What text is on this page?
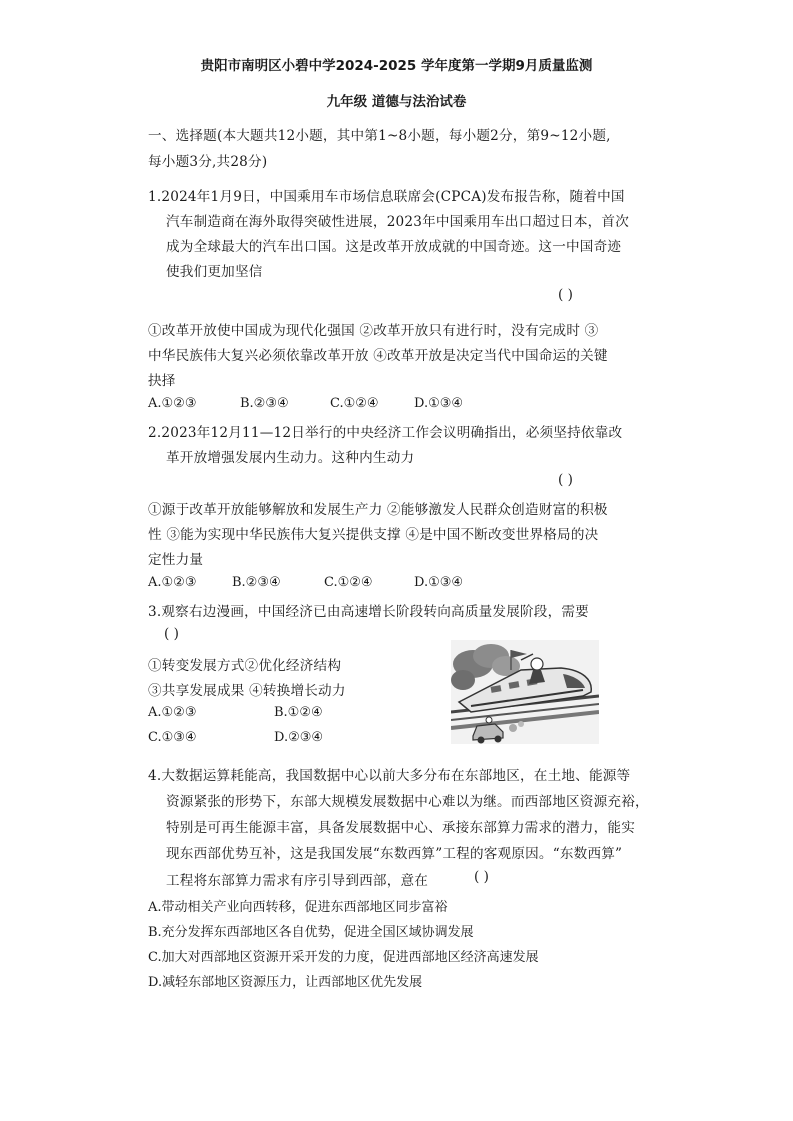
贵阳市南明区小碧中学2024-2025 学年度第一学期9月质量监测
九年级 道德与法治试卷
一、选择题(本大题共12小题，其中第1~8小题，每小题2分，第9~12小题,
每小题3分,共28分)
1.2024年1月9日，中国乘用车市场信息联席会(CPCA)发布报告称，随着中国
汽车制造商在海外取得突破性进展，2023年中国乘用车出口超过日本，首次
成为全球最大的汽车出口国。这是改革开放成就的中国奇迹。这一中国奇迹
使我们更加坚信
( )
①改革开放使中国成为现代化强国 ②改革开放只有进行时，没有完成时 ③
中华民族伟大复兴必须依靠改革开放 ④改革开放是决定当代中国命运的关键
抉择
A.①②③	B.②③④	C.①②④	D.①③④
2.2023年12月11—12日举行的中央经济工作会议明确指出，必须坚持依靠改
革开放增强发展内生动力。这种内生动力
( )
①源于改革开放能够解放和发展生产力 ②能够激发人民群众创造财富的积极
性 ③能为实现中华民族伟大复兴提供支撑 ④是中国不断改变世界格局的决
定性力量
A.①②③	B.②③④	C.①②④	D.①③④
3.观察右边漫画，中国经济已由高速增长阶段转向高质量发展阶段，需要
( )
①转变发展方式②优化经济结构
③共享发展成果 ④转换增长动力
A.①②③	B.①②④
C.①③④	D.②③④
4.大数据运算耗能高，我国数据中心以前大多分布在东部地区，在土地、能源等
资源紧张的形势下，东部大规模发展数据中心难以为继。而西部地区资源充裕，
特别是可再生能源丰富，具备发展数据中心、承接东部算力需求的潜力，能实
现东西部优势互补，这是我国发展“东数西算”工程的客观原因。“东数西算”
工程将东部算力需求有序引导到西部，意在	( )
A.带动相关产业向西转移，促进东西部地区同步富裕
B.充分发挥东西部地区各自优势，促进全国区域协调发展
C.加大对西部地区资源开采开发的力度，促进西部地区经济高速发展
D.减轻东部地区资源压力，让西部地区优先发展
